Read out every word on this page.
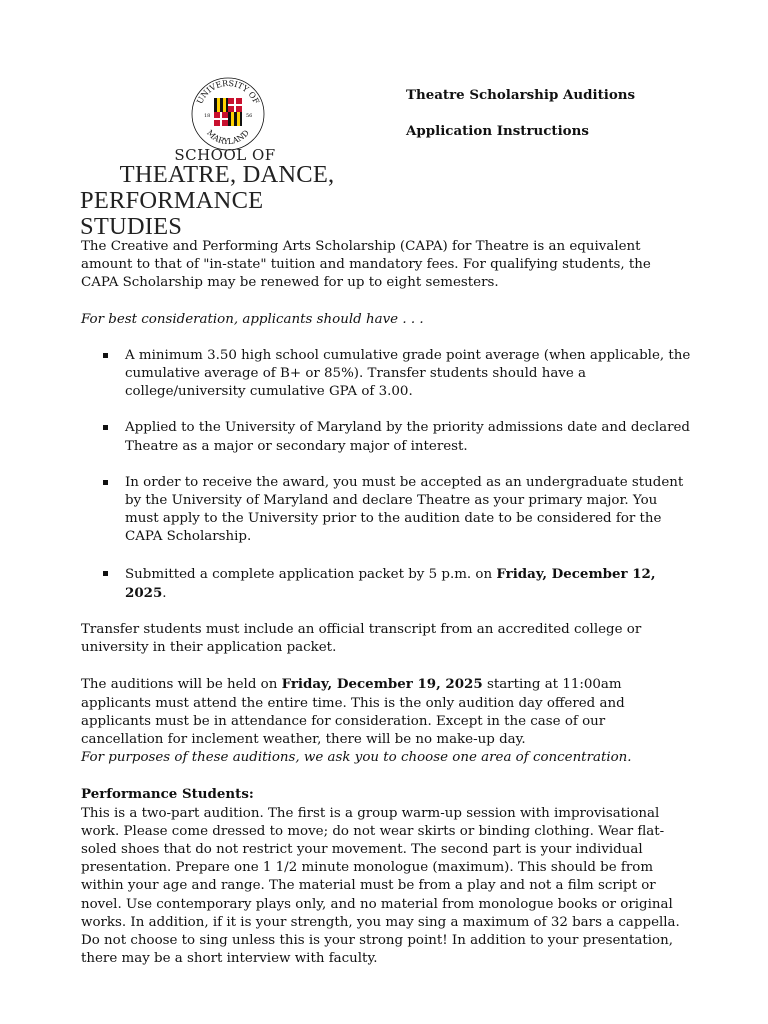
UNIVERSITY OF
MARYLAND
18	56
SCHOOL OF
THEATRE, DANCE,
PERFORMANCE STUDIES
Theatre Scholarship Auditions
Application Instructions

The Creative and Performing Arts Scholarship (CAPA) for Theatre is an equivalent amount to that of "in-state" tuition and mandatory fees. For qualifying students, the CAPA Scholarship may be renewed for up to eight semesters.

For best consideration, applicants should have . . .

A minimum 3.50 high school cumulative grade point average (when applicable, the cumulative average of B+ or 85%). Transfer students should have a college/university cumulative GPA of 3.00.
Applied to the University of Maryland by the priority admissions date and declared Theatre as a major or secondary major of interest.
In order to receive the award, you must be accepted as an undergraduate student by the University of Maryland and declare Theatre as your primary major. You must apply to the University prior to the audition date to be considered for the CAPA Scholarship.
Submitted a complete application packet by 5 p.m. on Friday, December 12, 2025.

Transfer students must include an official transcript from an accredited college or university in their application packet.

The auditions will be held on Friday, December 19, 2025 starting at 11:00am applicants must attend the entire time. This is the only audition day offered and applicants must be in attendance for consideration. Except in the case of our cancellation for inclement weather, there will be no make-up day.

For purposes of these auditions, we ask you to choose one area of concentration.

Performance Students:

This is a two-part audition. The first is a group warm-up session with improvisational work. Please come dressed to move; do not wear skirts or binding clothing. Wear flat-soled shoes that do not restrict your movement. The second part is your individual presentation. Prepare one 1 1/2 minute monologue (maximum). This should be from within your age and range. The material must be from a play and not a film script or novel. Use contemporary plays only, and no material from monologue books or original works. In addition, if it is your strength, you may sing a maximum of 32 bars a cappella. Do not choose to sing unless this is your strong point! In addition to your presentation, there may be a short interview with faculty.
